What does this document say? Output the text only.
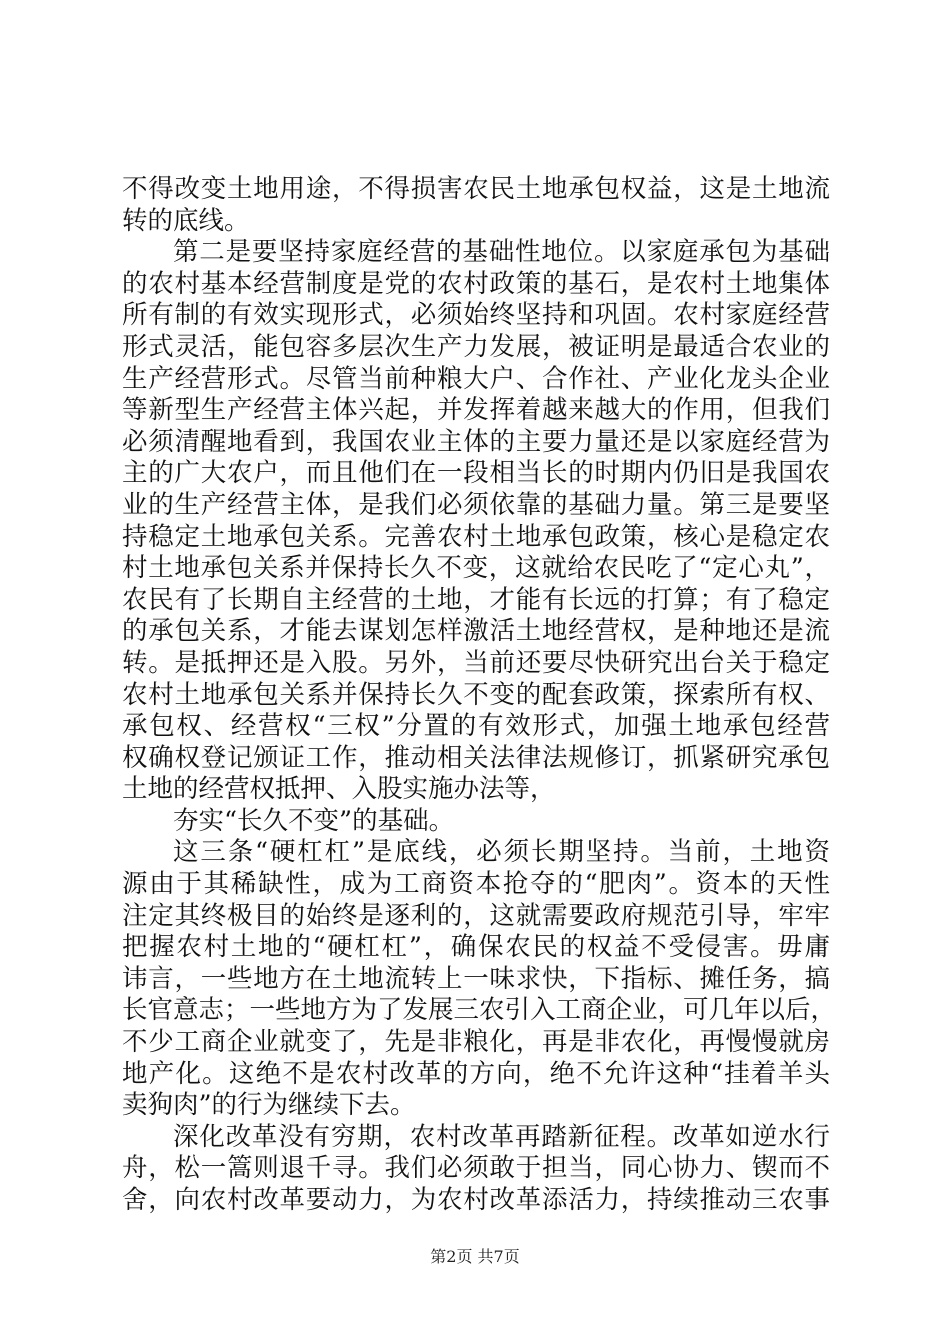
不得改变土地用途，不得损害农民土地承包权益，这是土地流
转的底线。
第二是要坚持家庭经营的基础性地位。以家庭承包为基础
的农村基本经营制度是党的农村政策的基石，是农村土地集体
所有制的有效实现形式，必须始终坚持和巩固。农村家庭经营
形式灵活，能包容多层次生产力发展，被证明是最适合农业的
生产经营形式。尽管当前种粮大户、合作社、产业化龙头企业
等新型生产经营主体兴起，并发挥着越来越大的作用，但我们
必须清醒地看到，我国农业主体的主要力量还是以家庭经营为
主的广大农户，而且他们在一段相当长的时期内仍旧是我国农
业的生产经营主体，是我们必须依靠的基础力量。第三是要坚
持稳定土地承包关系。完善农村土地承包政策，核心是稳定农
村土地承包关系并保持长久不变，这就给农民吃了“定心丸”，
农民有了长期自主经营的土地，才能有长远的打算；有了稳定
的承包关系，才能去谋划怎样激活土地经营权，是种地还是流
转。是抵押还是入股。另外，当前还要尽快研究出台关于稳定
农村土地承包关系并保持长久不变的配套政策，探索所有权、
承包权、经营权“三权”分置的有效形式，加强土地承包经营
权确权登记颁证工作，推动相关法律法规修订，抓紧研究承包
土地的经营权抵押、入股实施办法等，
夯实“长久不变”的基础。
这三条“硬杠杠”是底线，必须长期坚持。当前，土地资
源由于其稀缺性，成为工商资本抢夺的“肥肉”。资本的天性
注定其终极目的始终是逐利的，这就需要政府规范引导，牢牢
把握农村土地的“硬杠杠”，确保农民的权益不受侵害。毋庸
讳言，一些地方在土地流转上一味求快，下指标、摊任务，搞
长官意志；一些地方为了发展三农引入工商企业，可几年以后，
不少工商企业就变了，先是非粮化，再是非农化，再慢慢就房
地产化。这绝不是农村改革的方向，绝不允许这种“挂着羊头
卖狗肉”的行为继续下去。
深化改革没有穷期，农村改革再踏新征程。改革如逆水行
舟，松一篙则退千寻。我们必须敢于担当，同心协力、锲而不
舍，向农村改革要动力，为农村改革添活力，持续推动三农事
第2页 共7页
